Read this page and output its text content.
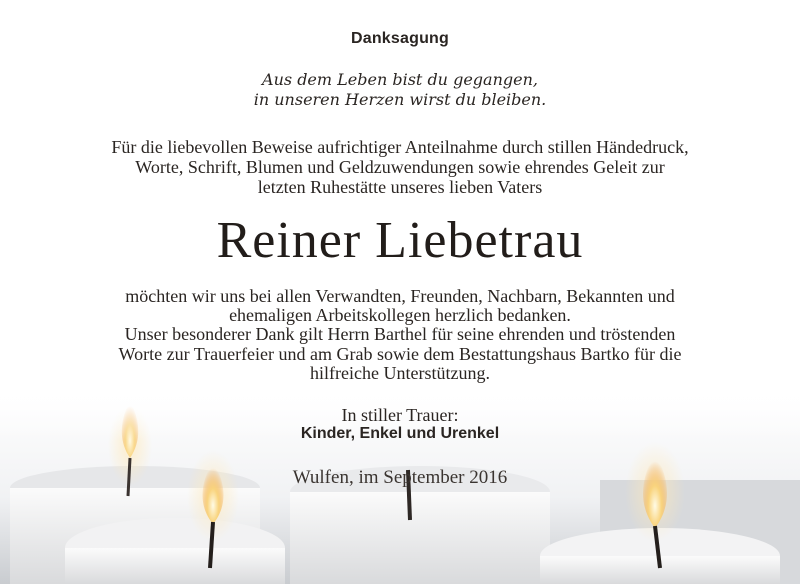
Danksagung
Aus dem Leben bist du gegangen,
in unseren Herzen wirst du bleiben.
Für die liebevollen Beweise aufrichtiger Anteilnahme durch stillen Händedruck,
Worte, Schrift, Blumen und Geldzuwendungen sowie ehrendes Geleit zur
letzten Ruhestätte unseres lieben Vaters
Reiner Liebetrau
möchten wir uns bei allen Verwandten, Freunden, Nachbarn, Bekannten und
ehemaligen Arbeitskollegen herzlich bedanken.
Unser besonderer Dank gilt Herrn Barthel für seine ehrenden und tröstenden
Worte zur Trauerfeier und am Grab sowie dem Bestattungshaus Bartko für die
hilfreiche Unterstützung.
In stiller Trauer:
Kinder, Enkel und Urenkel
Wulfen, im September 2016
